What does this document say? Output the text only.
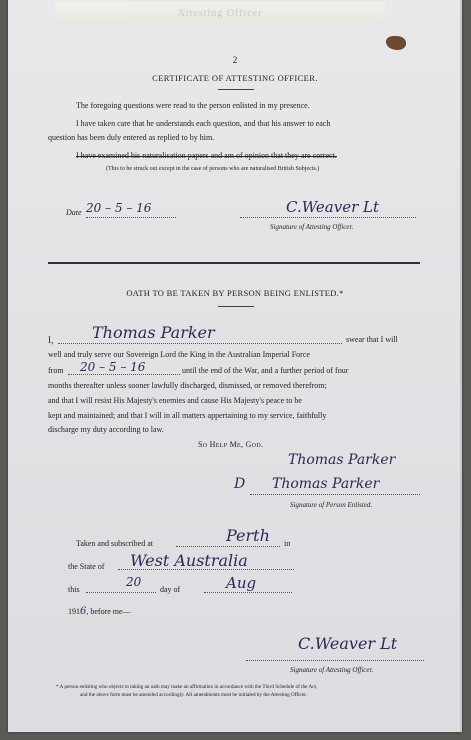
Attesting Officer
2
CERTIFICATE OF ATTESTING OFFICER.
The foregoing questions were read to the person enlisted in my presence.
I have taken care that he understands each question, and that his answer to each
question has been duly entered as replied to by him.
I have examined his naturalisation papers and am of opinion that they are correct.
(This to be struck out except in the case of persons who are naturalised British Subjects.)
Date 20 – 5 – 16	C.Weaver Lt
Signature of Attesting Officer.
OATH TO BE TAKEN BY PERSON BEING ENLISTED.*
I, Thomas Parker	swear that I will
well and truly serve our Sovereign Lord the King in the Australian Imperial Force
from 20 – 5 – 16	until the end of the War, and a further period of four
months thereafter unless sooner lawfully discharged, dismissed, or removed therefrom;
and that I will resist His Majesty's enemies and cause His Majesty's peace to be
kept and maintained; and that I will in all matters appertaining to my service, faithfully
discharge my duty according to law.
So Help Me, God.
Thomas Parker
D Thomas Parker
Signature of Person Enlisted.
Taken and subscribed at	Perth in
the State of West Australia
this
20
day of	Aug
1916, before me—
C.Weaver Lt
Signature of Attesting Officer.
* A person enlisting who objects to taking an oath may make an affirmation in accordance with the Third Schedule of the Act,
and the above form must be amended accordingly. All amendments must be initialed by the Attesting Officer.
